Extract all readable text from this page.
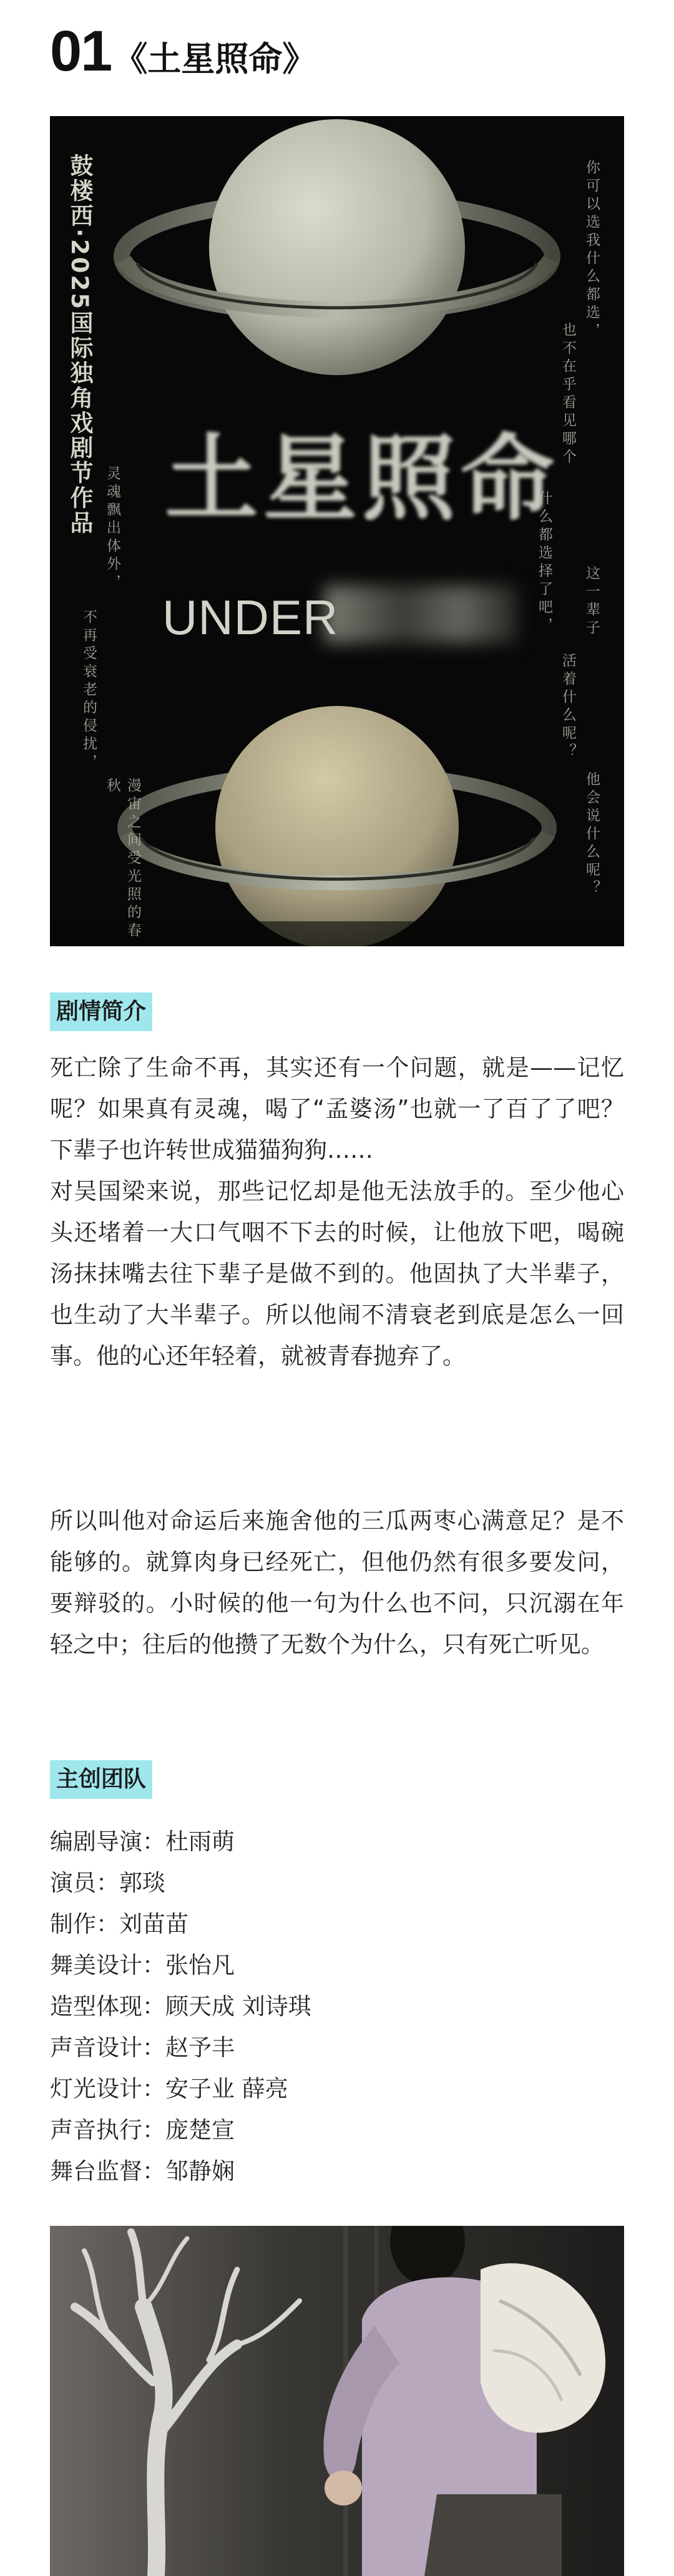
01 《土星照命》
鼓楼西·2025国际独角戏剧节作品 土星照命
UNDER
你可以选我什么都选，
也不在乎看见哪个
什么都选择了吧， 这一辈子
活着什么呢？
他会说什么呢？
灵魂飘出体外，
不再受衰老的侵扰，
漫宙之间受光照的春秋
剧情简介

死亡除了生命不再，其实还有一个问题，就是——记忆呢？如果真有灵魂，喝了“孟婆汤”也就一了百了了吧？下辈子也许转世成猫猫狗狗……

对吴国梁来说，那些记忆却是他无法放手的。至少他心头还堵着一大口气咽不下去的时候，让他放下吧，喝碗汤抹抹嘴去往下辈子是做不到的。他固执了大半辈子，也生动了大半辈子。所以他闹不清衰老到底是怎么一回事。他的心还年轻着，就被青春抛弃了。

所以叫他对命运后来施舍他的三瓜两枣心满意足？是不能够的。就算肉身已经死亡，但他仍然有很多要发问，要辩驳的。小时候的他一句为什么也不问，只沉溺在年轻之中；往后的他攒了无数个为什么，只有死亡听见。

主创团队
编剧导演：杜雨萌
演员：郭琰
制作：刘苗苗
舞美设计：张怡凡
造型体现：顾天成 刘诗琪
声音设计：赵予丰
灯光设计：安子业 薛亮
声音执行：庞楚宣
舞台监督：邹静娴
